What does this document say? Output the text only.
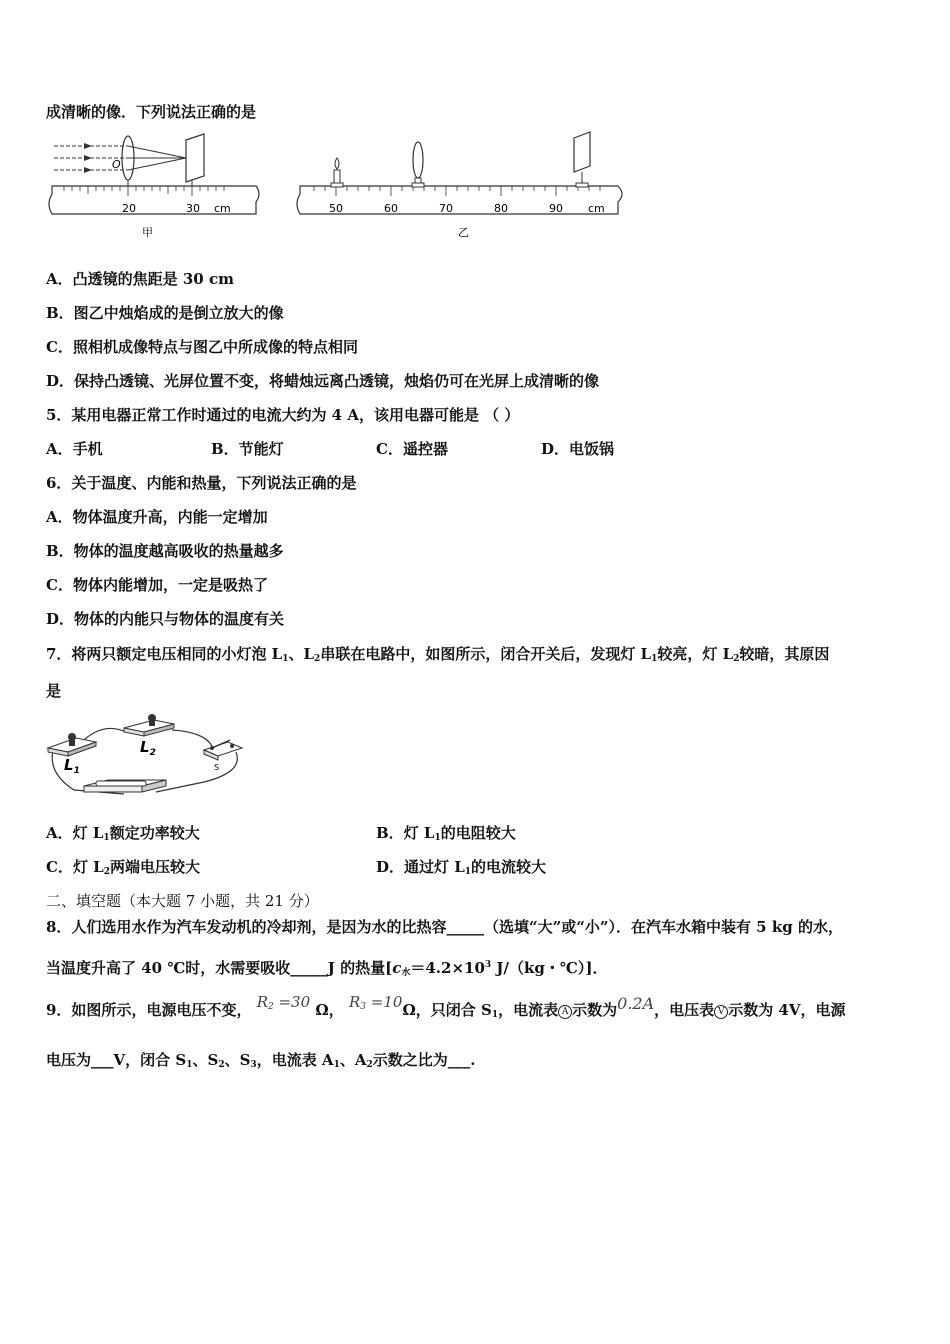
成清晰的像．下列说法正确的是
20	30 cm
O
甲
50	60	70	80	90 cm
乙
A．凸透镜的焦距是 30 cm
B．图乙中烛焰成的是倒立放大的像
C．照相机成像特点与图乙中所成像的特点相同
D．保持凸透镜、光屏位置不变，将蜡烛远离凸透镜，烛焰仍可在光屏上成清晰的像
5．某用电器正常工作时通过的电流大约为 4 A，该用电器可能是 （ ）
A．手机	B．节能灯	C．遥控器	D．电饭锅
6．关于温度、内能和热量，下列说法正确的是
A．物体温度升高，内能一定增加
B．物体的温度越高吸收的热量越多
C．物体内能增加，一定是吸热了
D．物体的内能只与物体的温度有关
7．将两只额定电压相同的小灯泡 $L_1$、$L_2$串联在电路中，如图所示，闭合开关后，发现灯 $L_1$较亮，灯 $L_2$较暗，其原因
是
$L_1$
$L_2$
S
A．灯 $L_1$额定功率较大	B．灯 $L_1$的电阻较大
C．灯 $L_2$两端电压较大	D．通过灯 $L_1$的电流较大
二、填空题（本大题 7 小题，共 21 分）
8．人们选用水作为汽车发动机的冷却剂，是因为水的比热容_____（选填“大”或“小”）．在汽车水箱中装有 5 kg 的水，
当温度升高了 40 ℃时，水需要吸收_____J 的热量[$c_水=4.2\times 10^3$ J/（kg・℃）]．
9．如图所示，电源电压不变， $R_2 =30$ Ω， $R_3 =10\Omega$，只闭合 $S_1$，电流表 A 示数为0.2A，电压表 V 示数为 4V，电源
电压为___V，闭合 $S_1$、$S_2$、$S_3$，电流表 $A_1$、$A_2$示数之比为___.
